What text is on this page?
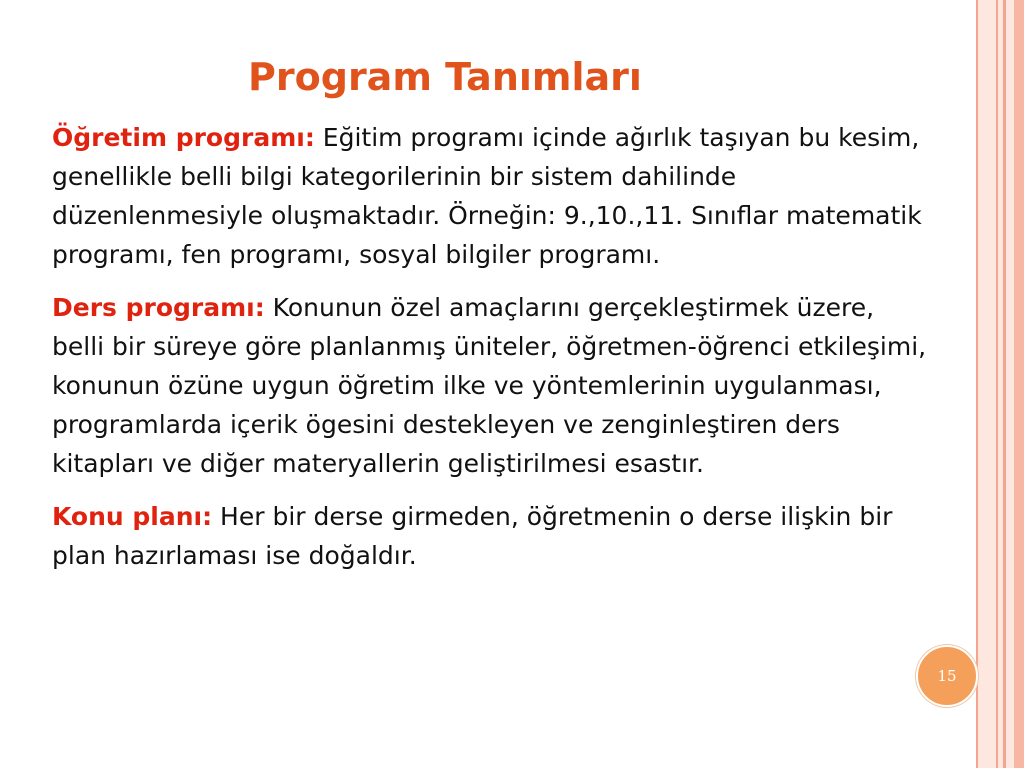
Program Tanımları

Öğretim programı: Eğitim programı içinde ağırlık taşıyan bu kesim, genellikle belli bilgi kategorilerinin bir sistem dahilinde düzenlenmesiyle oluşmaktadır. Örneğin: 9.,10.,11. Sınıflar matematik programı, fen programı, sosyal bilgiler programı.

Ders programı: Konunun özel amaçlarını gerçekleştirmek üzere, belli bir süreye göre planlanmış üniteler, öğretmen-öğrenci etkileşimi, konunun özüne uygun öğretim ilke ve yöntemlerinin uygulanması, programlarda içerik ögesini destekleyen ve zenginleştiren ders kitapları ve diğer materyallerin geliştirilmesi esastır.

Konu planı: Her bir derse girmeden, öğretmenin o derse ilişkin bir plan hazırlaması ise doğaldır.

15
